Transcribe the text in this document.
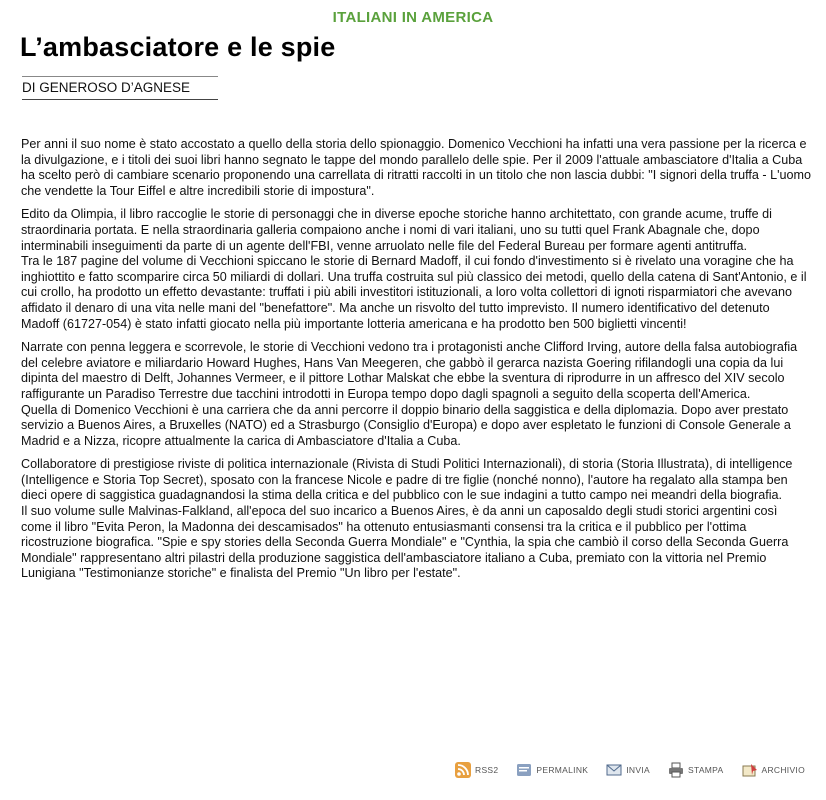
ITALIANI IN AMERICA
L’ambasciatore e le spie
DI GENEROSO D’AGNESE

Per anni il suo nome è stato accostato a quello della storia dello spionaggio. Domenico Vecchioni ha infatti una vera passione per la ricerca e la divulgazione, e i titoli dei suoi libri hanno segnato le tappe del mondo parallelo delle spie. Per il 2009 l'attuale ambasciatore d'Italia a Cuba ha scelto però di cambiare scenario proponendo una carrellata di ritratti raccolti in un titolo che non lascia dubbi: "I signori della truffa - L'uomo che vendette la Tour Eiffel e altre incredibili storie di impostura".

Edito da Olimpia, il libro raccoglie le storie di personaggi che in diverse epoche storiche hanno architettato, con grande acume, truffe di straordinaria portata. E nella straordinaria galleria compaiono anche i nomi di vari italiani, uno su tutti quel Frank Abagnale che, dopo interminabili inseguimenti da parte di un agente dell'FBI, venne arruolato nelle file del Federal Bureau per formare agenti antitruffa.
Tra le 187 pagine del volume di Vecchioni spiccano le storie di Bernard Madoff, il cui fondo d'investimento si è rivelato una voragine che ha inghiottito e fatto scomparire circa 50 miliardi di dollari. Una truffa costruita sul più classico dei metodi, quello della catena di Sant'Antonio, e il cui crollo, ha prodotto un effetto devastante: truffati i più abili investitori istituzionali, a loro volta collettori di ignoti risparmiatori che avevano affidato il denaro di una vita nelle mani del "benefattore". Ma anche un risvolto del tutto imprevisto. Il numero identificativo del detenuto Madoff (61727-054) è stato infatti giocato nella più importante lotteria americana e ha prodotto ben 500 biglietti vincenti!

Narrate con penna leggera e scorrevole, le storie di Vecchioni vedono tra i protagonisti anche Clifford Irving, autore della falsa autobiografia del celebre aviatore e miliardario Howard Hughes, Hans Van Meegeren, che gabbò il gerarca nazista Goering rifilandogli una copia da lui dipinta del maestro di Delft, Johannes Vermeer, e il pittore Lothar Malskat che ebbe la sventura di riprodurre in un affresco del XIV secolo raffigurante un Paradiso Terrestre due tacchini introdotti in Europa tempo dopo dagli spagnoli a seguito della scoperta dell'America.
Quella di Domenico Vecchioni è una carriera che da anni percorre il doppio binario della saggistica e della diplomazia. Dopo aver prestato servizio a Buenos Aires, a Bruxelles (NATO) ed a Strasburgo (Consiglio d'Europa) e dopo aver espletato le funzioni di Console Generale a Madrid e a Nizza, ricopre attualmente la carica di Ambasciatore d'Italia a Cuba.

Collaboratore di prestigiose riviste di politica internazionale (Rivista di Studi Politici Internazionali), di storia (Storia Illustrata), di intelligence (Intelligence e Storia Top Secret), sposato con la francese Nicole e padre di tre figlie (nonché nonno), l'autore ha regalato alla stampa ben dieci opere di saggistica guadagnandosi la stima della critica e del pubblico con le sue indagini a tutto campo nei meandri della biografia.
Il suo volume sulle Malvinas-Falkland, all'epoca del suo incarico a Buenos Aires, è da anni un caposaldo degli studi storici argentini così come il libro "Evita Peron, la Madonna dei descamisados" ha ottenuto entusiasmanti consensi tra la critica e il pubblico per l'ottima ricostruzione biografica. "Spie e spy stories della Seconda Guerra Mondiale" e "Cynthia, la spia che cambiò il corso della Seconda Guerra Mondiale" rappresentano altri pilastri della produzione saggistica dell'ambasciatore italiano a Cuba, premiato con la vittoria nel Premio Lunigiana "Testimonianze storiche" e finalista del Premio "Un libro per l'estate".

RSS2	PERMALINK	INVIA	STAMPA	ARCHIVIO
